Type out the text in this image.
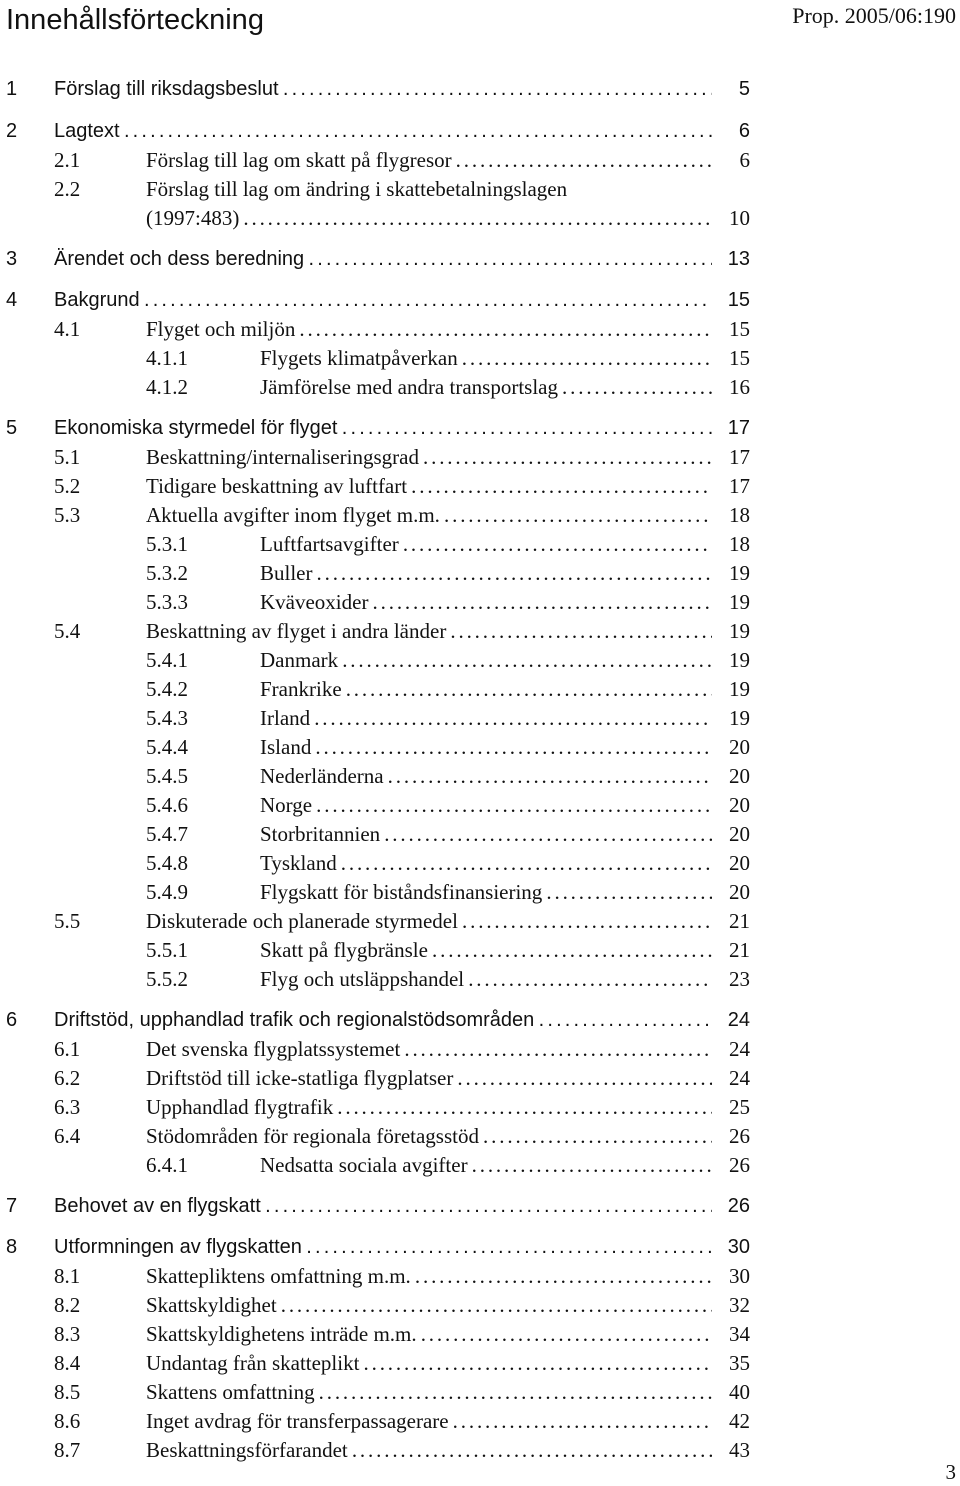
Innehållsförteckning	Prop. 2005/06:190
1 Förslag till riksdagsbeslut . . .	5
2 Lagtext . . .	6
2.1	Förslag till lag om skatt på flygresor . . .	6
2.2	Förslag till lag om ändring i skattebetalningslagen
(1997:483) . . .	10
3 Ärendet och dess beredning . . .	13
4 Bakgrund . . .	15
4.1	Flyget och miljön . . .	15
4.1.1	Flygets klimatpåverkan . . .	15
4.1.2	Jämförelse med andra transportslag . . .	16
5 Ekonomiska styrmedel för flyget . . .	17
5.1	Beskattning/internaliseringsgrad . . .	17
5.2	Tidigare beskattning av luftfart . . .	17
5.3	Aktuella avgifter inom flyget m.m. . . .	18
5.3.1	Luftfartsavgifter . . .	18
5.3.2	Buller . . .	19
5.3.3	Kväveoxider . . .	19
5.4	Beskattning av flyget i andra länder . . .	19
5.4.1	Danmark . . .	19
5.4.2	Frankrike . . .	19
5.4.3	Irland . . .	19
5.4.4	Island . . .	20
5.4.5	Nederländerna . . .	20
5.4.6	Norge . . .	20
5.4.7	Storbritannien . . .	20
5.4.8	Tyskland . . .	20
5.4.9	Flygskatt för biståndsfinansiering . . .	20
5.5	Diskuterade och planerade styrmedel . . .	21
5.5.1	Skatt på flygbränsle . . .	21
5.5.2	Flyg och utsläppshandel . . .	23
6 Driftstöd, upphandlad trafik och regionalstödsområden . . .	24
6.1	Det svenska flygplatssystemet . . .	24
6.2	Driftstöd till icke-statliga flygplatser . . .	24
6.3	Upphandlad flygtrafik . . .	25
6.4	Stödområden för regionala företagsstöd . . .	26
6.4.1	Nedsatta sociala avgifter . . .	26
7 Behovet av en flygskatt . . .	26
8 Utformningen av flygskatten . . .	30
8.1	Skattepliktens omfattning m.m. . . .	30
8.2	Skattskyldighet . . .	32
8.3	Skattskyldighetens inträde m.m. . . .	34
8.4	Undantag från skatteplikt . . .	35
8.5	Skattens omfattning . . .	40
8.6	Inget avdrag för transferpassagerare . . .	42
8.7	Beskattningsförfarandet . . .	43
3
